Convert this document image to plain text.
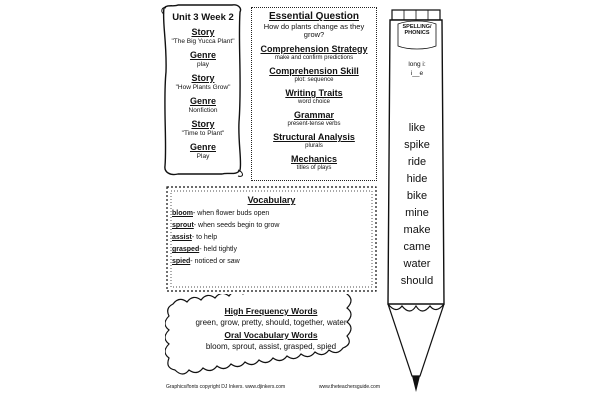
Unit 3 Week 2
Story
"The Big Yucca Plant"
Genre
play
Story
"How Plants Grow"
Genre
Nonfiction
Story
"Time to Plant"
Genre
Play
Essential Question
How do plants change as they grow?
Comprehension Strategy
make and confirm predictions
Comprehension Skill
plot: sequence
Writing Traits
word choice
Grammar
present-tense verbs
Structural Analysis
plurals
Mechanics
titles of plays
Vocabulary
bloom- when flower buds open
sprout- when seeds begin to grow
assist- to help
grasped- held tightly
spied- noticed or saw
High Frequency Words
green, grow, pretty, should, together, water
Oral Vocabulary Words
bloom, sprout, assist, grasped, spied
SPELLING/
PHONICS
long i:
i__e
like
spike
ride
hide
bike
mine
make
came
water
should
Graphics/fonts copyright DJ Inkers. www.djinkers.com	www.theteachersguide.com
